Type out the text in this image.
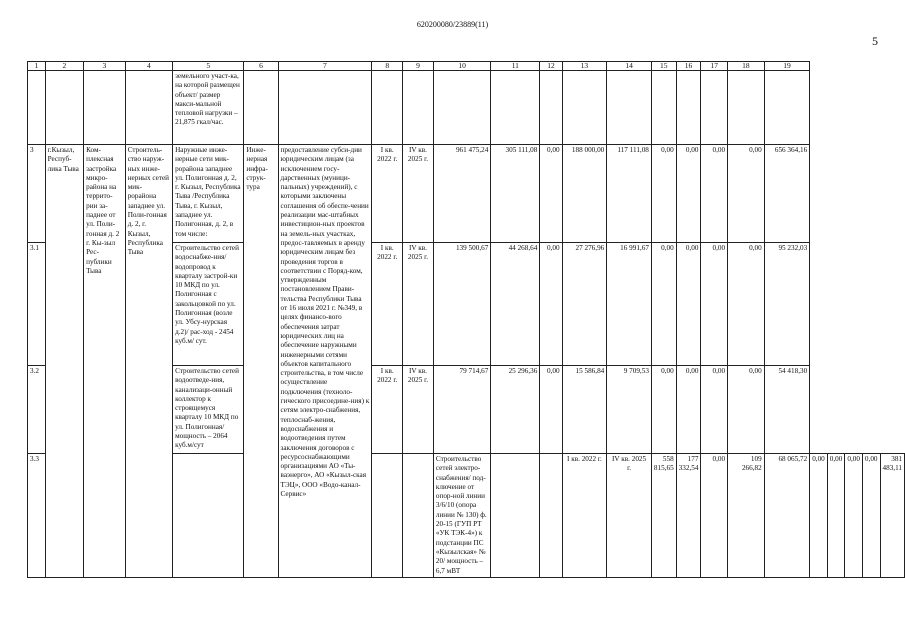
620200080/23889(11)
5
1	2	3	4	5	6	7	8	9	10	11	12	13	14	15	16	17	18	19					
				земельного участ-ка, на которой размещен объект/ размер макси-мальной тепловой нагрузки – 21,875 гкал/час.																			
3	г.Кызыл, Респуб-лика Тыва	Ком-плексная застройка микро-района на террито-рии за-паднее от ул. Поли-гонная д. 2 г. Кы-зыл Рес-публики Тыва	Строитель-ство наруж-ных инже-нерных сетей мик-рорайона западнее ул. Поли-гонная д. 2, г. Кызыл, Республика Тыва	Наружные инже-нерные сети мик-рорайона западнее ул. Полигонная д. 2, г. Кызыл, Республика Тыва /Республика Тыва, г. Кызыл, западнее ул. Полигонная, д. 2, в том числе:	Инже-нерная инфра-струк-тура	предоставление субси-дии юридическим лицам (за исключением госу-дарственных (муници-пальных) учреждений), с которыми заключены соглашения об обеспе-чении реализации мас-штабных инвестицион-ных проектов на земель-ных участках, предос-тавляемых в аренду юридическим лицам без проведения торгов в соответствии с Поряд-ком, утвержденным постановлением Прави-тельства Республики Тыва от 16 июля 2021 г. №349, в целях финансо-вого обеспечения затрат юридических лиц на обеспечение наружными инженерными сетями объектов капитального строительства, в том числе осуществление подключения (техноло-гического присоедине-ния) к сетям электро-снабжения, теплоснаб-жения, водоснабжения и водоотведения путем заключения договоров с ресурсоснабжающими организациями АО «Ты-ваэнерго», АО «Кызыл-ская ТЭЦ», ООО «Водо-канал-Сервис»	I кв. 2022 г.	IV кв. 2025 г.	961 475,24	305 111,08	0,00	188 000,00	117 111,08	0,00	0,00	0,00	0,00	656 364,16					
3.1				Строительство сетей водоснабже-ния/ водопровод к кварталу застрой-ки 10 МКД по ул. Полигонная с закольцовкой по ул. Полигонная (возле ул. Убсу-нурская д.2)/ рас-ход - 2454 куб.м/ сут.			I кв. 2022 г.	IV кв. 2025 г.	139 500,67	44 268,64	0,00	27 276,96	16 991,67	0,00	0,00	0,00	0,00	95 232,03					
3.2				Строительство сетей водоотведе-ния, канализаци-онный коллектор к строящемуся кварталу 10 МКД по ул. Полигонная/ мощность – 2064 куб.м/сут			I кв. 2022 г.	IV кв. 2025 г.	79 714,67	25 296,36	0,00	15 586,84	9 709,53	0,00	0,00	0,00	0,00	54 418,30					
3.3									Строительство сетей электро-снабжения/ под-ключение от опор-ной линии 3/6/10 (опора линии № 130) ф. 20-15 (ГУП РТ «УК ТЭК-4») к подстанции ПС «Кызылская» № 20/ мощность – 6,7 мВТ			I кв. 2022 г.	IV кв. 2025 г.	558 815,65	177 332,54	0,00	109 266,82	68 065,72	0,00	0,00	0,00	0,00	381 483,11
